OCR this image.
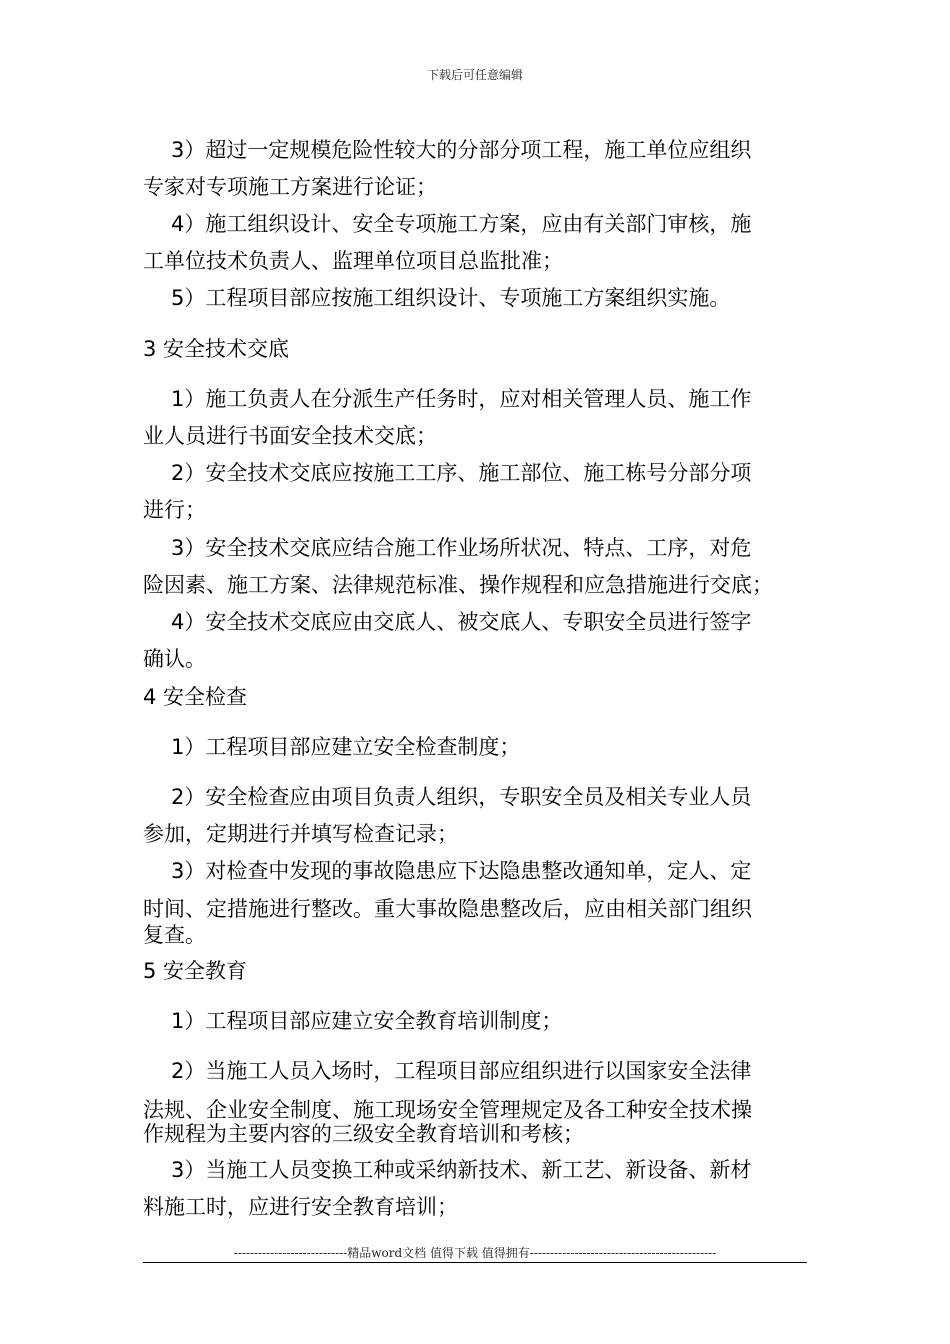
下载后可任意编辑
3）超过一定规模危险性较大的分部分项工程，施工单位应组织
专家对专项施工方案进行论证；
4）施工组织设计、安全专项施工方案，应由有关部门审核，施
工单位技术负责人、监理单位项目总监批准；
5）工程项目部应按施工组织设计、专项施工方案组织实施。
3 安全技术交底
1）施工负责人在分派生产任务时，应对相关管理人员、施工作
业人员进行书面安全技术交底；
2）安全技术交底应按施工工序、施工部位、施工栋号分部分项
进行；
3）安全技术交底应结合施工作业场所状况、特点、工序，对危
险因素、施工方案、法律规范标准、操作规程和应急措施进行交底；
4）安全技术交底应由交底人、被交底人、专职安全员进行签字
确认。
4 安全检查
1）工程项目部应建立安全检查制度；
2）安全检查应由项目负责人组织，专职安全员及相关专业人员
参加，定期进行并填写检查记录；
3）对检查中发现的事故隐患应下达隐患整改通知单，定人、定
时间、定措施进行整改。重大事故隐患整改后，应由相关部门组织
复查。
5 安全教育
1）工程项目部应建立安全教育培训制度；
2）当施工人员入场时，工程项目部应组织进行以国家安全法律
法规、企业安全制度、施工现场安全管理规定及各工种安全技术操
作规程为主要内容的三级安全教育培训和考核；
3）当施工人员变换工种或采纳新技术、新工艺、新设备、新材
料施工时，应进行安全教育培训；
----------------------------精品word文档 值得下载 值得拥有----------------------------------------------
